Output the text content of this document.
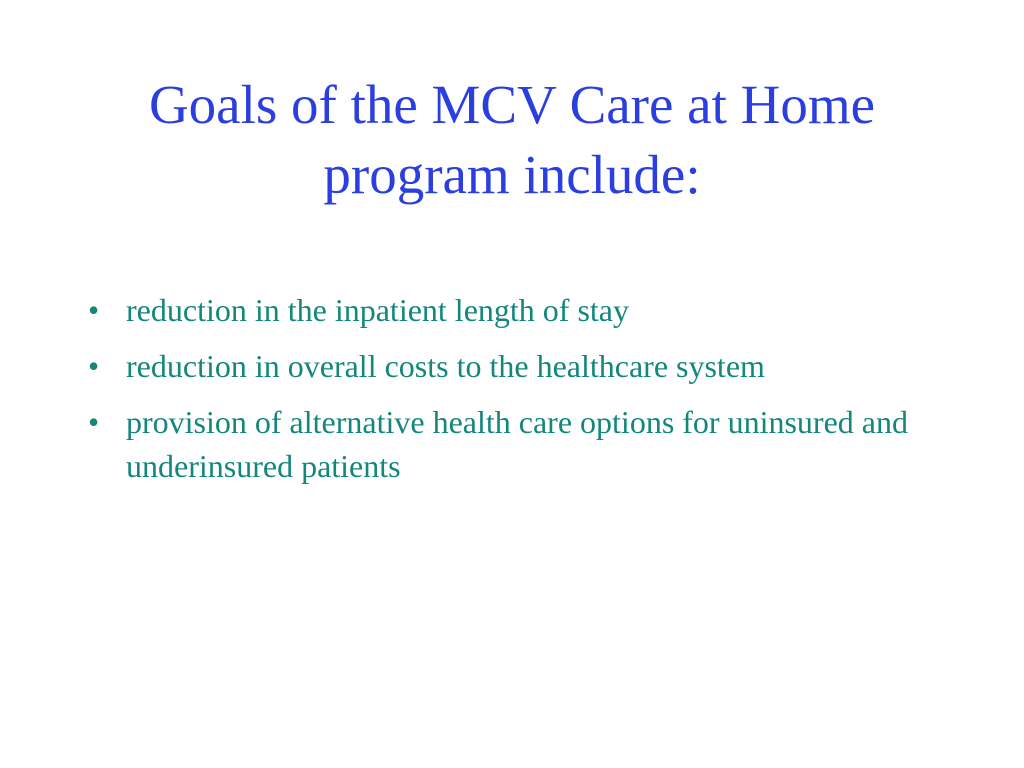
Goals of the MCV Care at Home
program include:
• reduction in the inpatient length of stay
• reduction in overall costs to the healthcare system
• provision of alternative health care options for uninsured and underinsured patients
